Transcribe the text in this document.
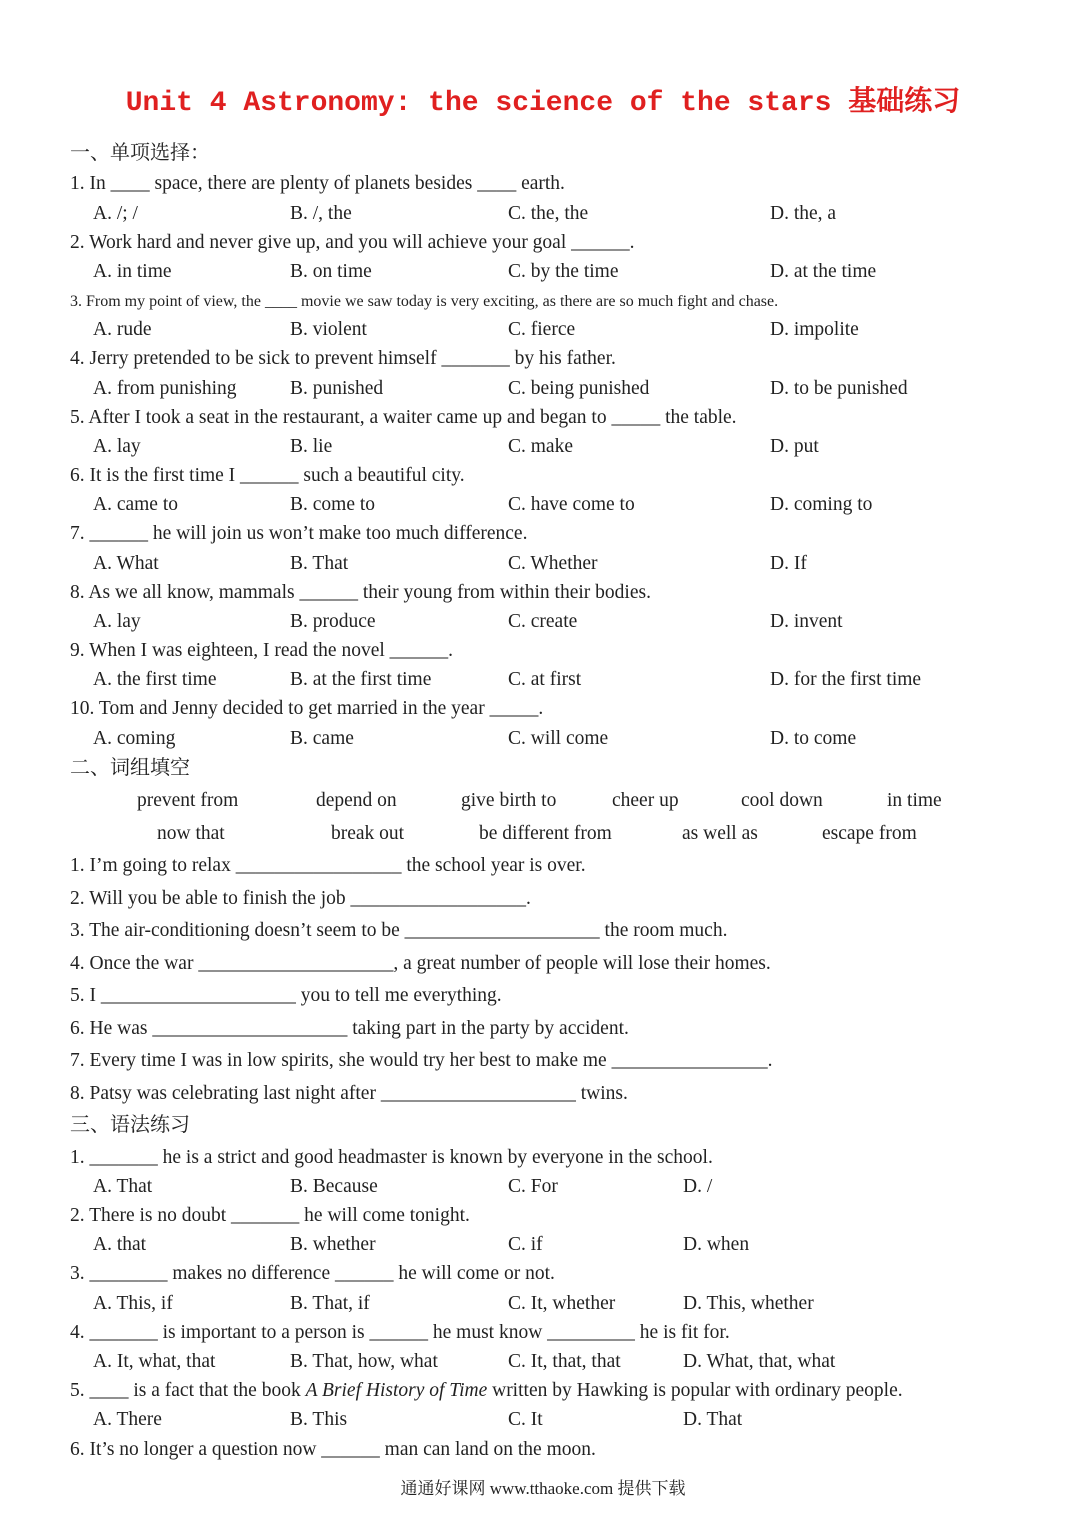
Unit 4 Astronomy: the science of the stars 基础练习
一、单项选择：
1. In ____ space, there are plenty of planets besides ____ earth.
A. /; /	B. /, the	C. the, the	D. the, a
2. Work hard and never give up, and you will achieve your goal ______.
A. in time	B. on time	C. by the time	D. at the time
3. From my point of view, the ____ movie we saw today is very exciting, as there are so much fight and chase.
A. rude	B. violent	C. fierce	D. impolite
4. Jerry pretended to be sick to prevent himself _______ by his father.
A. from punishing	B. punished	C. being punished	D. to be punished
5. After I took a seat in the restaurant, a waiter came up and began to _____ the table.
A. lay	B. lie	C. make	D. put
6. It is the first time I ______ such a beautiful city.
A. came to	B. come to	C. have come to	D. coming to
7. ______ he will join us won’t make too much difference.
A. What	B. That	C. Whether	D. If
8. As we all know, mammals ______ their young from within their bodies.
A. lay	B. produce	C. create	D. invent
9. When I was eighteen, I read the novel ______.
A. the first time	B. at the first time	C. at first	D. for the first time
10. Tom and Jenny decided to get married in the year _____.
A. coming	B. came	C. will come	D. to come
二、词组填空
prevent from	depend on	give birth to	cheer up	cool down	in time
now that	break out	be different from	as well as	escape from
1. I’m going to relax _________________ the school year is over.
2. Will you be able to finish the job __________________.
3. The air-conditioning doesn’t seem to be ____________________ the room much.
4. Once the war ____________________, a great number of people will lose their homes.
5. I ____________________ you to tell me everything.
6. He was ____________________ taking part in the party by accident.
7. Every time I was in low spirits, she would try her best to make me ________________.
8. Patsy was celebrating last night after ____________________ twins.
三、语法练习
1. _______ he is a strict and good headmaster is known by everyone in the school.
A. That	B. Because	C. For	D. /
2. There is no doubt _______ he will come tonight.
A. that	B. whether	C. if	D. when
3. ________ makes no difference ______ he will come or not.
A. This, if	B. That, if	C. It, whether	D. This, whether
4. _______ is important to a person is ______ he must know _________ he is fit for.
A. It, what, that	B. That, how, what	C. It, that, that	D. What, that, what
5. ____ is a fact that the book A Brief History of Time written by Hawking is popular with ordinary people.
A. There	B. This	C. It	D. That
6. It’s no longer a question now ______ man can land on the moon.
通通好课网 www.tthaoke.com 提供下载
